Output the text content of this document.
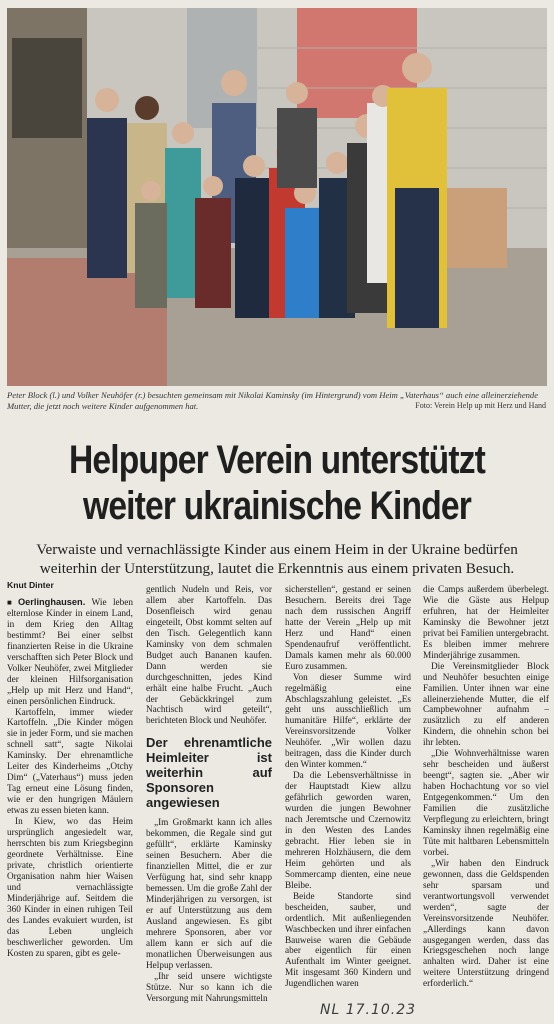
Peter Block (l.) und Volker Neuhöfer (r.) besuchten gemeinsam mit Nikolai Kaminsky (im Hintergrund) vom Heim „Vaterhaus“ auch eine alleinerziehende Mutter, die jetzt noch weitere Kinder aufgenommen hat.	Foto: Verein Help up mit Herz und Hand
Helpuper Verein unterstützt
weiter ukrainische Kinder
Verwaiste und vernachlässigte Kinder aus einem Heim in der Ukraine bedürfen weiterhin der Unterstützung, lautet die Erkenntnis aus einem privaten Besuch.
Knut Dinter

■ Oerlinghausen. Wie leben elternlose Kinder in einem Land, in dem Krieg den Alltag bestimmt? Bei einer selbst finanzierten Reise in die Ukraine verschafften sich Peter Block und Volker Neuhöfer, zwei Mitglieder der kleinen Hilfsorganisation „Help up mit Herz und Hand“, einen persönlichen Eindruck.

Kartoffeln, immer wieder Kartoffeln. „Die Kinder mögen sie in jeder Form, und sie machen schnell satt“, sagte Nikolai Kaminsky. Der ehrenamtliche Leiter des Kinderheims „Otchy Dim“ („Vaterhaus“) muss jeden Tag erneut eine Lösung finden, wie er den hungrigen Mäulern etwas zu essen bieten kann.

In Kiew, wo das Heim ursprünglich angesiedelt war, herrschten bis zum Kriegsbeginn geordnete Verhältnisse. Eine private, christlich orientierte Organisation nahm hier Waisen und vernachlässigte Minderjährige auf. Seitdem die 360 Kinder in einen ruhigen Teil des Landes evakuiert wurden, ist das Leben ungleich beschwerlicher geworden. Um Kosten zu sparen, gibt es gele-

gentlich Nudeln und Reis, vor allem aber Kartoffeln. Das Dosenfleisch wird genau eingeteilt, Obst kommt selten auf den Tisch. Gelegentlich kann Kaminsky von dem schmalen Budget auch Bananen kaufen. Dann werden sie durchgeschnitten, jedes Kind erhält eine halbe Frucht. „Auch der Gebäckkringel zum Nachtisch wird geteilt“, berichteten Block und Neuhöfer.

Der ehrenamtliche Heimleiter ist weiterhin auf Sponsoren angewiesen

„Im Großmarkt kann ich alles bekommen, die Regale sind gut gefüllt“, erklärte Kaminsky seinen Besuchern. Aber die finanziellen Mittel, die er zur Verfügung hat, sind sehr knapp bemessen. Um die große Zahl der Minderjährigen zu versorgen, ist er auf Unterstützung aus dem Ausland angewiesen. Es gibt mehrere Sponsoren, aber vor allem kann er sich auf die monatlichen Überweisungen aus Helpup verlassen.

„Ihr seid unsere wichtigste Stütze. Nur so kann ich die Versorgung mit Nahrungsmitteln

sicherstellen“, gestand er seinen Besuchern. Bereits drei Tage nach dem russischen Angriff hatte der Verein „Help up mit Herz und Hand“ einen Spendenaufruf veröffentlicht. Damals kamen mehr als 60.000 Euro zusammen.

Von dieser Summe wird regelmäßig eine Abschlagszahlung geleistet. „Es geht uns ausschließlich um humanitäre Hilfe“, erklärte der Vereinsvorsitzende Volker Neuhöfer. „Wir wollen dazu beitragen, dass die Kinder durch den Winter kommen.“

Da die Lebensverhältnisse in der Hauptstadt Kiew allzu gefährlich geworden waren, wurden die jungen Bewohner nach Jeremtsche und Czernowitz in den Westen des Landes gebracht. Hier leben sie in mehreren Holzhäusern, die dem Heim gehörten und als Sommercamp dienten, eine neue Bleibe.

Beide Standorte sind bescheiden, sauber, und ordentlich. Mit außenliegenden Waschbecken und ihrer einfachen Bauweise waren die Gebäude aber eigentlich für einen Aufenthalt im Winter geeignet. Mit insgesamt 360 Kindern und Jugendlichen waren

die Camps außerdem überbelegt. Wie die Gäste aus Helpup erfuhren, hat der Heimleiter Kaminsky die Bewohner jetzt privat bei Familien untergebracht. Es bleiben immer mehrere Minderjährige zusammen.

Die Vereinsmitglieder Block und Neuhöfer besuchten einige Familien. Unter ihnen war eine alleinerziehende Mutter, die elf Campbewohner aufnahm – zusätzlich zu elf anderen Kindern, die ohnehin schon bei ihr lebten.

„Die Wohnverhältnisse waren sehr bescheiden und äußerst beengt“, sagten sie. „Aber wir haben Hochachtung vor so viel Entgegenkommen.“ Um den Familien die zusätzliche Verpflegung zu erleichtern, bringt Kaminsky ihnen regelmäßig eine Tüte mit haltbaren Lebensmitteln vorbei.

„Wir haben den Eindruck gewonnen, dass die Geldspenden sehr sparsam und verantwortungsvoll verwendet werden“, sagte der Vereinsvorsitzende Neuhöfer. „Allerdings kann davon ausgegangen werden, dass das Kriegsgeschehen noch lange anhalten wird. Daher ist eine weitere Unterstützung dringend erforderlich.“

NL 17.10.23
